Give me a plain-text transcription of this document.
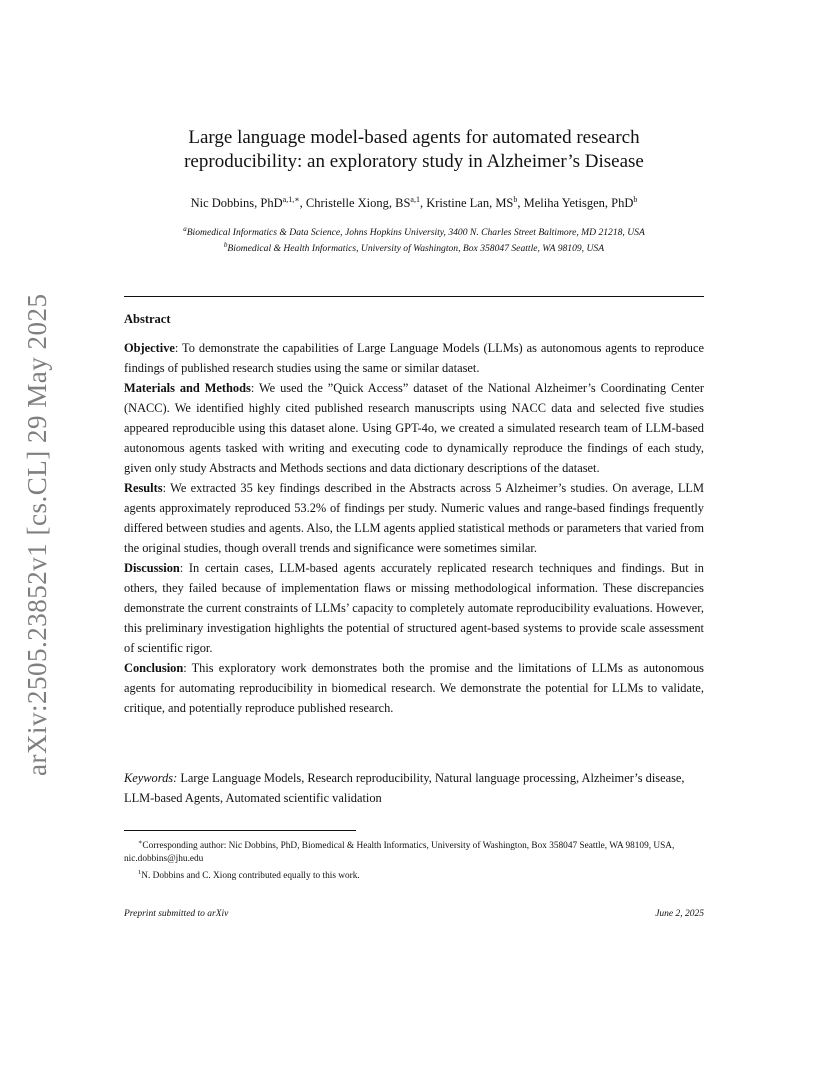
arXiv:2505.23852v1 [cs.CL] 29 May 2025
Large language model-based agents for automated research
reproducibility: an exploratory study in Alzheimer’s Disease
Nic Dobbins, PhD$^{a,1,∗}$, Christelle Xiong, BS$^{a,1}$, Kristine Lan, $MS^b$, Meliha Yetisgen, PhD$^b$
$^a$Biomedical Informatics & Data Science, Johns Hopkins University, 3400 N. Charles Street Baltimore, MD 21218, USA
$^b$Biomedical & Health Informatics, University of Washington, Box 358047 Seattle, WA 98109, USA
Abstract

Objective: To demonstrate the capabilities of Large Language Models (LLMs) as autonomous agents to reproduce findings of published research studies using the same or similar dataset.

Materials and Methods: We used the ”Quick Access” dataset of the National Alzheimer’s Coordinating Center (NACC). We identified highly cited published research manuscripts using NACC data and selected five studies appeared reproducible using this dataset alone. Using GPT-4o, we created a simulated research team of LLM-based autonomous agents tasked with writing and executing code to dynamically reproduce the findings of each study, given only study Abstracts and Methods sections and data dictionary descriptions of the dataset.

Results: We extracted 35 key findings described in the Abstracts across 5 Alzheimer’s studies. On average, LLM agents approximately reproduced 53.2% of findings per study. Numeric values and range-based findings frequently differed between studies and agents. Also, the LLM agents applied statistical methods or parameters that varied from the original studies, though overall trends and significance were sometimes similar.

Discussion: In certain cases, LLM-based agents accurately replicated research techniques and findings. But in others, they failed because of implementation flaws or missing methodological information. These discrepancies demonstrate the current constraints of LLMs’ capacity to completely automate reproducibility evaluations. However, this preliminary investigation highlights the potential of structured agent-based systems to provide scale assessment of scientific rigor.

Conclusion: This exploratory work demonstrates both the promise and the limitations of LLMs as autonomous agents for automating reproducibility in biomedical research. We demonstrate the potential for LLMs to validate, critique, and potentially reproduce published research.

Keywords: Large Language Models, Research reproducibility, Natural language processing, Alzheimer’s disease, LLM-based Agents, Automated scientific validation

∗Corresponding author: Nic Dobbins, PhD, Biomedical & Health Informatics, University of Washington, Box 358047 Seattle, WA 98109, USA, nic.dobbins@jhu.edu

$^1$N. Dobbins and C. Xiong contributed equally to this work.

Preprint submitted to arXiv	June 2, 2025
